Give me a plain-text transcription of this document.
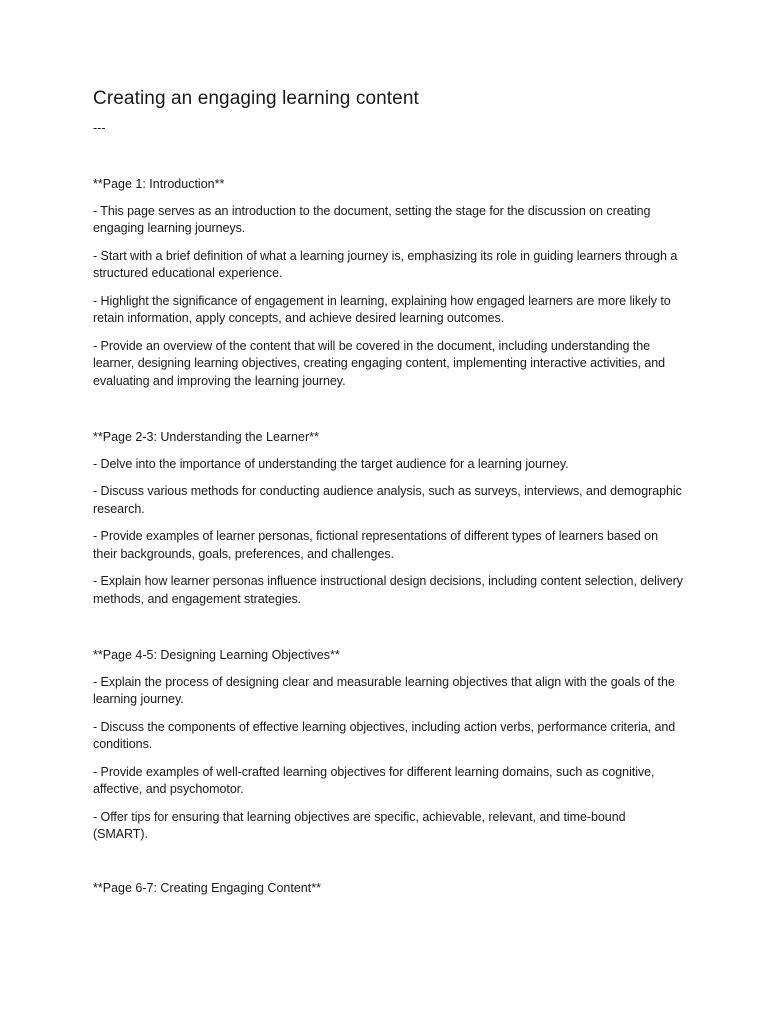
Creating an engaging learning content

---

**Page 1: Introduction**

- This page serves as an introduction to the document, setting the stage for the discussion on creating engaging learning journeys.

- Start with a brief definition of what a learning journey is, emphasizing its role in guiding learners through a structured educational experience.

- Highlight the significance of engagement in learning, explaining how engaged learners are more likely to retain information, apply concepts, and achieve desired learning outcomes.

- Provide an overview of the content that will be covered in the document, including understanding the learner, designing learning objectives, creating engaging content, implementing interactive activities, and evaluating and improving the learning journey.

**Page 2-3: Understanding the Learner**

- Delve into the importance of understanding the target audience for a learning journey.

- Discuss various methods for conducting audience analysis, such as surveys, interviews, and demographic research.

- Provide examples of learner personas, fictional representations of different types of learners based on their backgrounds, goals, preferences, and challenges.

- Explain how learner personas influence instructional design decisions, including content selection, delivery methods, and engagement strategies.

**Page 4-5: Designing Learning Objectives**

- Explain the process of designing clear and measurable learning objectives that align with the goals of the learning journey.

- Discuss the components of effective learning objectives, including action verbs, performance criteria, and conditions.

- Provide examples of well-crafted learning objectives for different learning domains, such as cognitive, affective, and psychomotor.

- Offer tips for ensuring that learning objectives are specific, achievable, relevant, and time-bound (SMART).

**Page 6-7: Creating Engaging Content**
